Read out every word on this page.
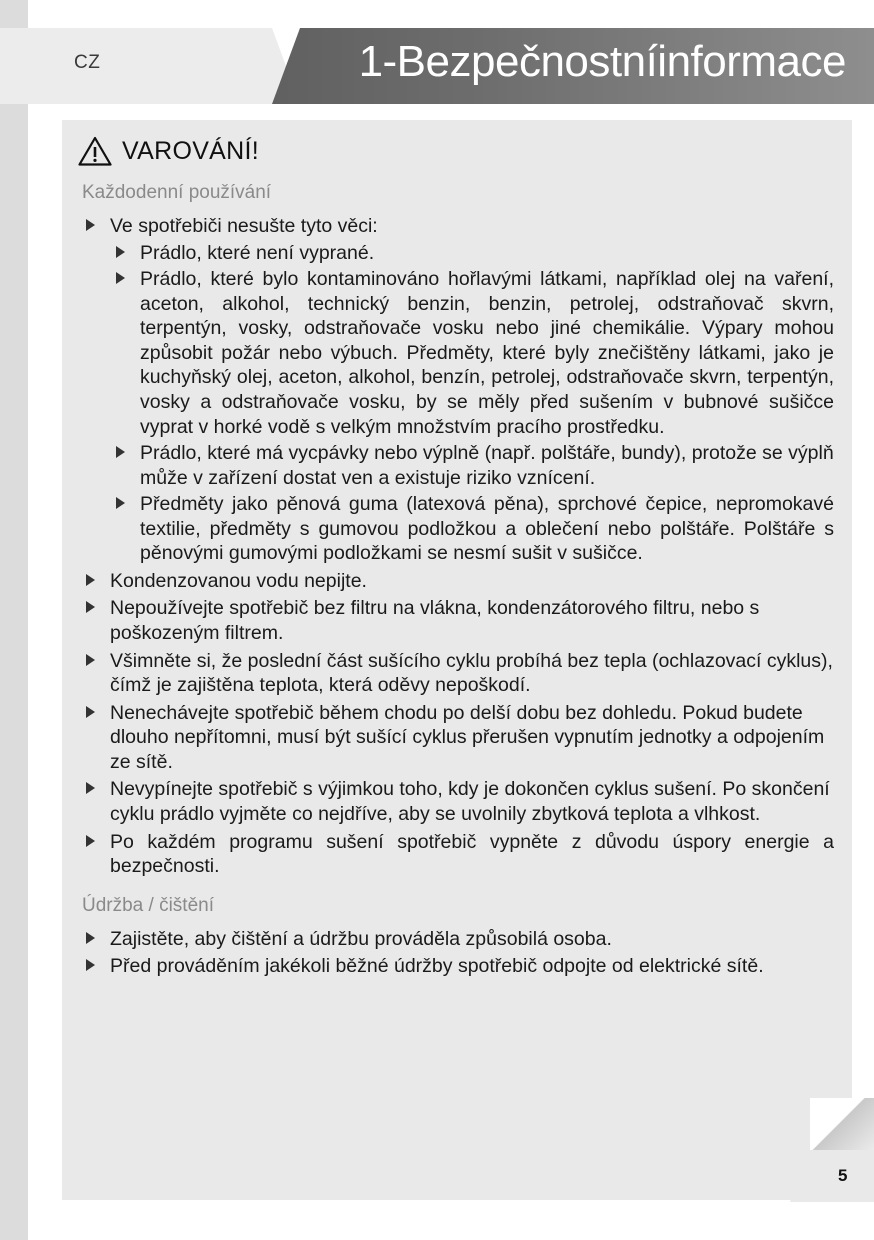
CZ	1-Bezpečnostníinformace
VAROVÁNÍ!
Každodenní používání
Ve spotřebiči nesušte tyto věci:
Prádlo, které není vyprané.
Prádlo, které bylo kontaminováno hořlavými látkami, například olej na vaření, aceton, alkohol, technický benzin, benzin, petrolej, odstraňovač skvrn, terpentýn, vosky, odstraňovače vosku nebo jiné chemikálie. Výpary mohou způsobit požár nebo výbuch. Předměty, které byly znečištěny látkami, jako je kuchyňský olej, aceton, alkohol, benzín, petrolej, odstraňovače skvrn, terpentýn, vosky a odstraňovače vosku, by se měly před sušením v bubnové sušičce vyprat v horké vodě s velkým množstvím pracího prostředku.
Prádlo, které má vycpávky nebo výplně (např. polštáře, bundy), protože se výplň může v zařízení dostat ven a existuje riziko vznícení.
Předměty jako pěnová guma (latexová pěna), sprchové čepice, nepromokavé textilie, předměty s gumovou podložkou a oblečení nebo polštáře. Polštáře s pěnovými gumovými podložkami se nesmí sušit v sušičce.
Kondenzovanou vodu nepijte.
Nepoužívejte spotřebič bez filtru na vlákna, kondenzátorového filtru, nebo s poškozeným filtrem.
Všimněte si, že poslední část sušícího cyklu probíhá bez tepla (ochlazovací cyklus), čímž je zajištěna teplota, která oděvy nepoškodí.
Nenechávejte spotřebič během chodu po delší dobu bez dohledu. Pokud budete dlouho nepřítomni, musí být sušící cyklus přerušen vypnutím jednotky a odpojením ze sítě.
Nevypínejte spotřebič s výjimkou toho, kdy je dokončen cyklus sušení. Po skončení cyklu prádlo vyjměte co nejdříve, aby se uvolnily zbytková teplota a vlhkost.
Po každém programu sušení spotřebič vypněte z důvodu úspory energie a bezpečnosti.
Údržba / čištění
Zajistěte, aby čištění a údržbu prováděla způsobilá osoba.
Před prováděním jakékoli běžné údržby spotřebič odpojte od elektrické sítě.
5
